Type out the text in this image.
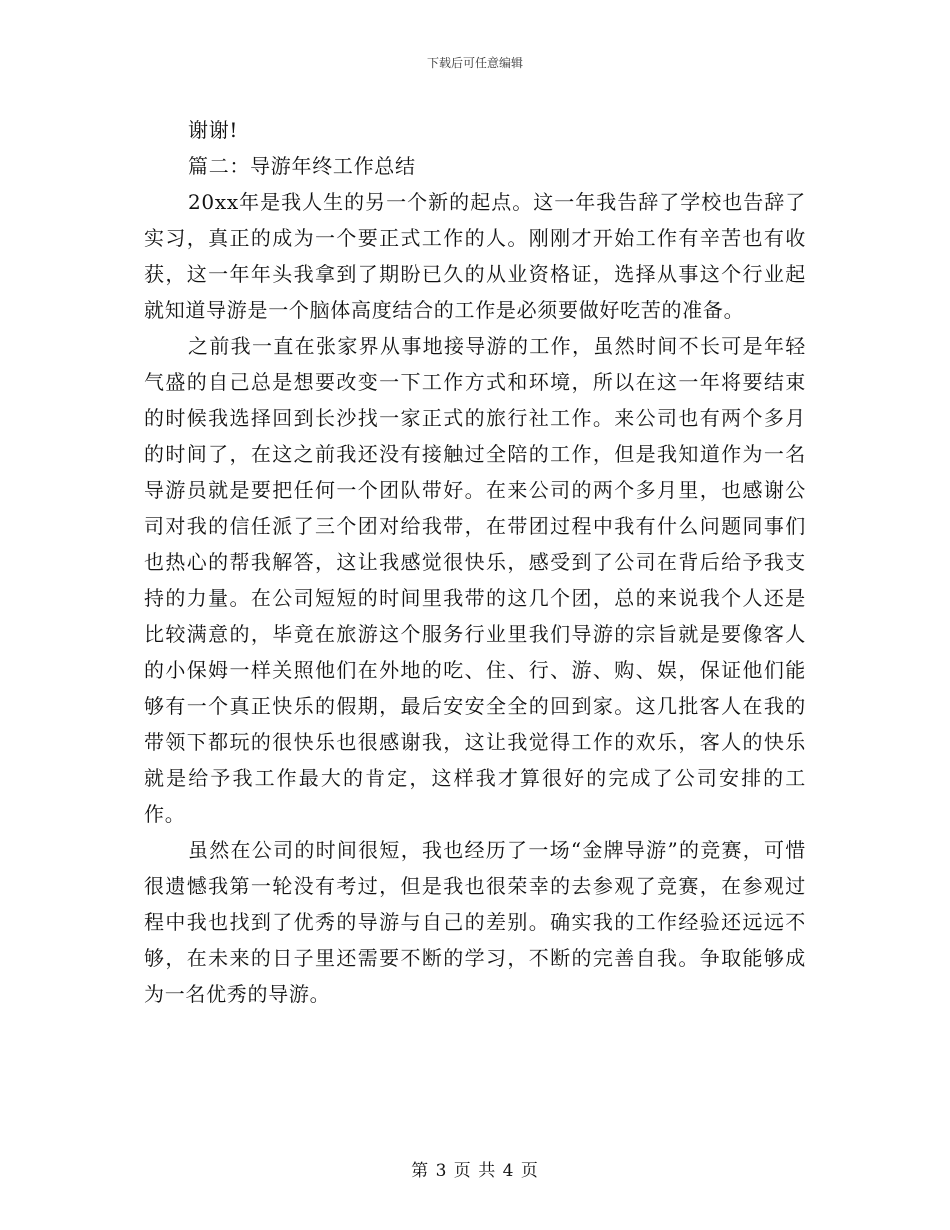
下载后可任意编辑

谢谢!

篇二：导游年终工作总结

20xx年是我人生的另一个新的起点。这一年我告辞了学校也告辞了实习，真正的成为一个要正式工作的人。刚刚才开始工作有辛苦也有收获，这一年年头我拿到了期盼已久的从业资格证，选择从事这个行业起就知道导游是一个脑体高度结合的工作是必须要做好吃苦的准备。

之前我一直在张家界从事地接导游的工作，虽然时间不长可是年轻气盛的自己总是想要改变一下工作方式和环境，所以在这一年将要结束的时候我选择回到长沙找一家正式的旅行社工作。来公司也有两个多月的时间了，在这之前我还没有接触过全陪的工作，但是我知道作为一名导游员就是要把任何一个团队带好。在来公司的两个多月里，也感谢公司对我的信任派了三个团对给我带，在带团过程中我有什么问题同事们也热心的帮我解答，这让我感觉很快乐，感受到了公司在背后给予我支持的力量。在公司短短的时间里我带的这几个团，总的来说我个人还是比较满意的，毕竟在旅游这个服务行业里我们导游的宗旨就是要像客人的小保姆一样关照他们在外地的吃、住、行、游、购、娱，保证他们能够有一个真正快乐的假期，最后安安全全的回到家。这几批客人在我的带领下都玩的很快乐也很感谢我，这让我觉得工作的欢乐，客人的快乐就是给予我工作最大的肯定，这样我才算很好的完成了公司安排的工作。

虽然在公司的时间很短，我也经历了一场“金牌导游”的竞赛，可惜很遗憾我第一轮没有考过，但是我也很荣幸的去参观了竞赛，在参观过程中我也找到了优秀的导游与自己的差别。确实我的工作经验还远远不够，在未来的日子里还需要不断的学习，不断的完善自我。争取能够成为一名优秀的导游。

第 3 页 共 4 页
